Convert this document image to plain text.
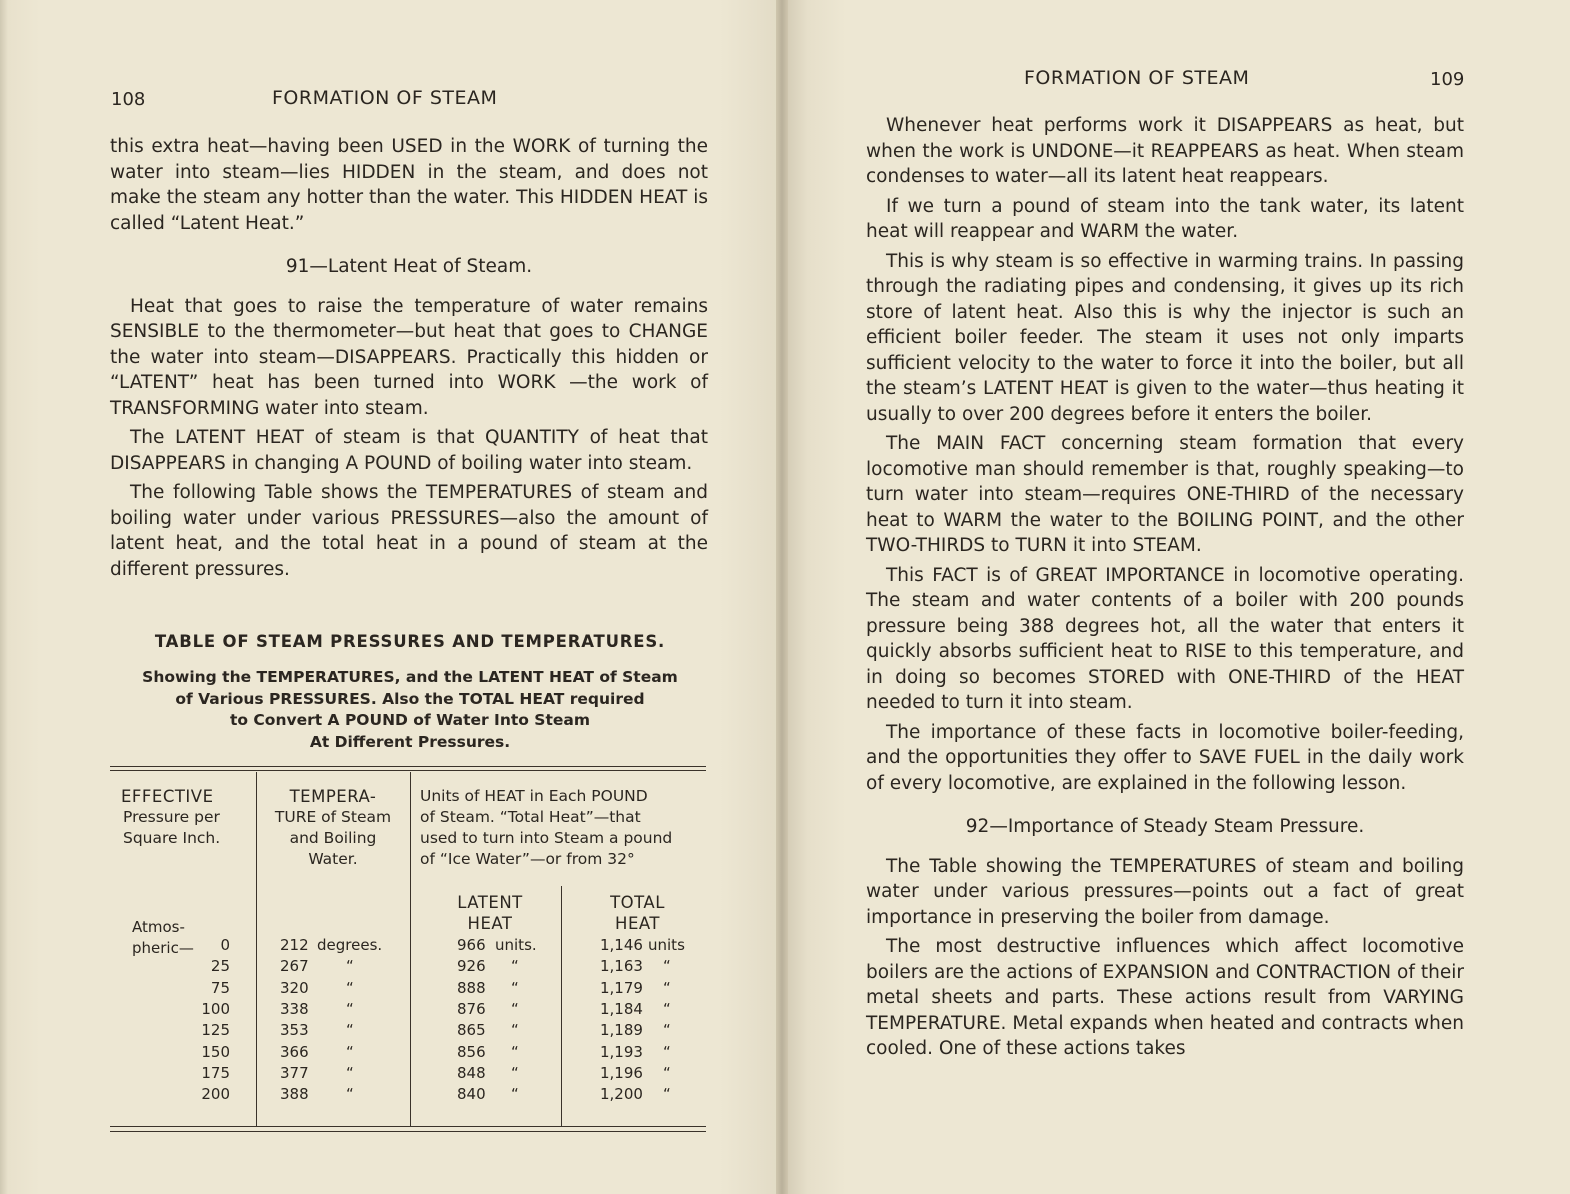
108	FORMATION OF STEAM

this extra heat—having been USED in the WORK of turning the water into steam—lies HIDDEN in the steam, and does not make the steam any hotter than the water. This HIDDEN HEAT is called “Latent Heat.”

91—Latent Heat of Steam.

Heat that goes to raise the temperature of water remains SENSIBLE to the thermometer—but heat that goes to CHANGE the water into steam—DISAPPEARS. Practically this hidden or “LATENT” heat has been turned into WORK —the work of TRANSFORMING water into steam.

The LATENT HEAT of steam is that QUANTITY of heat that DISAPPEARS in changing A POUND of boiling water into steam.

The following Table shows the TEMPERATURES of steam and boiling water under various PRESSURES—also the amount of latent heat, and the total heat in a pound of steam at the different pressures.

TABLE OF STEAM PRESSURES AND TEMPERATURES.
Showing the TEMPERATURES, and the LATENT HEAT of Steam
of Various PRESSURES. Also the TOTAL HEAT required
to Convert A POUND of Water Into Steam
At Different Pressures.
EFFECTIVE
Pressure per
Square Inch.
TEMPERA-
TURE of Steam
and Boiling
Water.
Units of HEAT in Each POUND
of Steam. “Total Heat”—that
used to turn into Steam a pound
of “Ice Water”—or from 32°
LATENT
HEAT
TOTAL
HEAT
Atmos-
pheric— 0	212 degrees.	966 units.	1,146 units
25	267 “	926 “	1,163 “
75	320 “	888 “	1,179 “
100	338 “	876 “	1,184 “
125	353 “	865 “	1,189 “
150	366 “	856 “	1,193 “
175	377 “	848 “	1,196 “
200	388 “	840 “	1,200 “
FORMATION OF STEAM	109

Whenever heat performs work it DISAPPEARS as heat, but when the work is UNDONE—it REAPPEARS as heat. When steam condenses to water—all its latent heat reappears.

If we turn a pound of steam into the tank water, its latent heat will reappear and WARM the water.

This is why steam is so effective in warming trains. In passing through the radiating pipes and condensing, it gives up its rich store of latent heat. Also this is why the injector is such an efficient boiler feeder. The steam it uses not only imparts sufficient velocity to the water to force it into the boiler, but all the steam’s LATENT HEAT is given to the water—thus heating it usually to over 200 degrees before it enters the boiler.

The MAIN FACT concerning steam formation that every locomotive man should remember is that, roughly speaking—to turn water into steam—requires ONE-THIRD of the necessary heat to WARM the water to the BOILING POINT, and the other TWO-THIRDS to TURN it into STEAM.

This FACT is of GREAT IMPORTANCE in locomotive operating. The steam and water contents of a boiler with 200 pounds pressure being 388 degrees hot, all the water that enters it quickly absorbs sufficient heat to RISE to this temperature, and in doing so becomes STORED with ONE-THIRD of the HEAT needed to turn it into steam.

The importance of these facts in locomotive boiler-feeding, and the opportunities they offer to SAVE FUEL in the daily work of every locomotive, are explained in the following lesson.

92—Importance of Steady Steam Pressure.

The Table showing the TEMPERATURES of steam and boiling water under various pressures—points out a fact of great importance in preserving the boiler from damage.

The most destructive influences which affect locomotive boilers are the actions of EXPANSION and CONTRACTION of their metal sheets and parts. These actions result from VARYING TEMPERATURE. Metal expands when heated and contracts when cooled. One of these actions takes
